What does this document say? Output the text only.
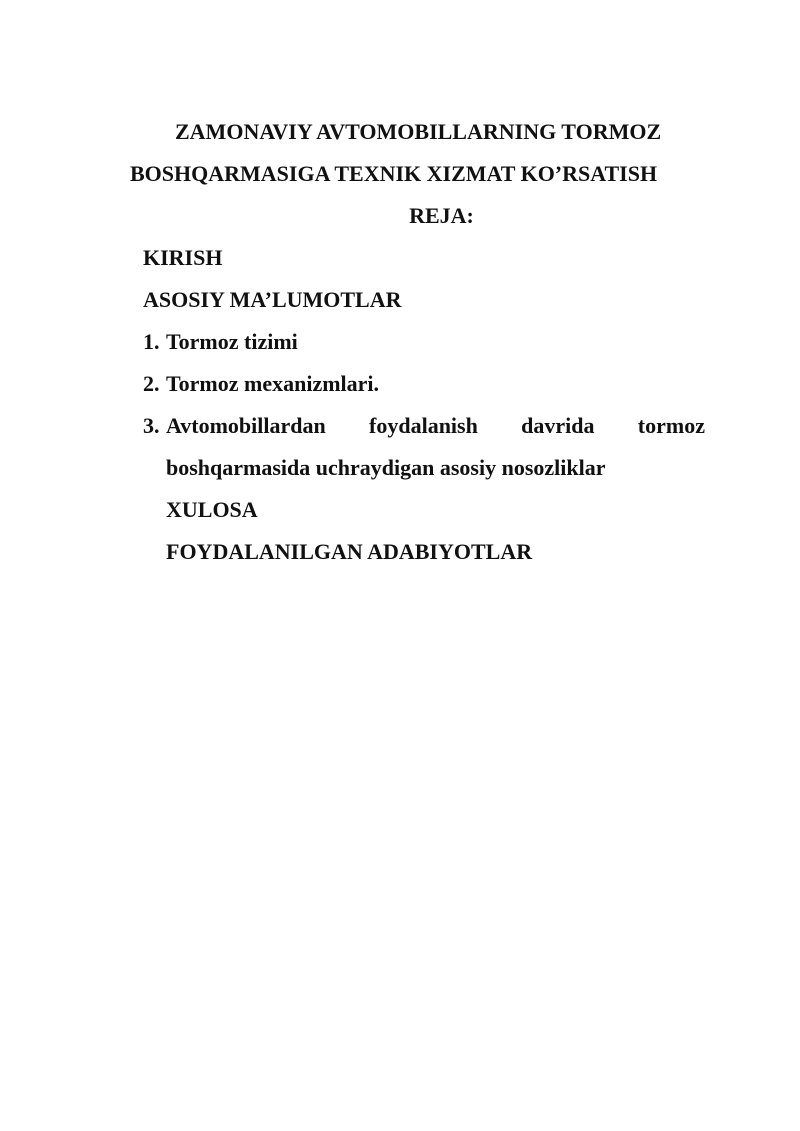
ZAMONAVIY AVTOMOBILLARNING TORMOZ
BOSHQARMASIGA TEXNIK XIZMAT KO’RSATISH
REJA:
KIRISH
ASOSIY MA’LUMOTLAR
1. Tormoz tizimi
2. Tormoz mexanizmlari.
3. Avtomobillardan foydalanish davrida tormoz
boshqarmasida uchraydigan asosiy nosozliklar
XULOSA
FOYDALANILGAN ADABIYOTLAR
